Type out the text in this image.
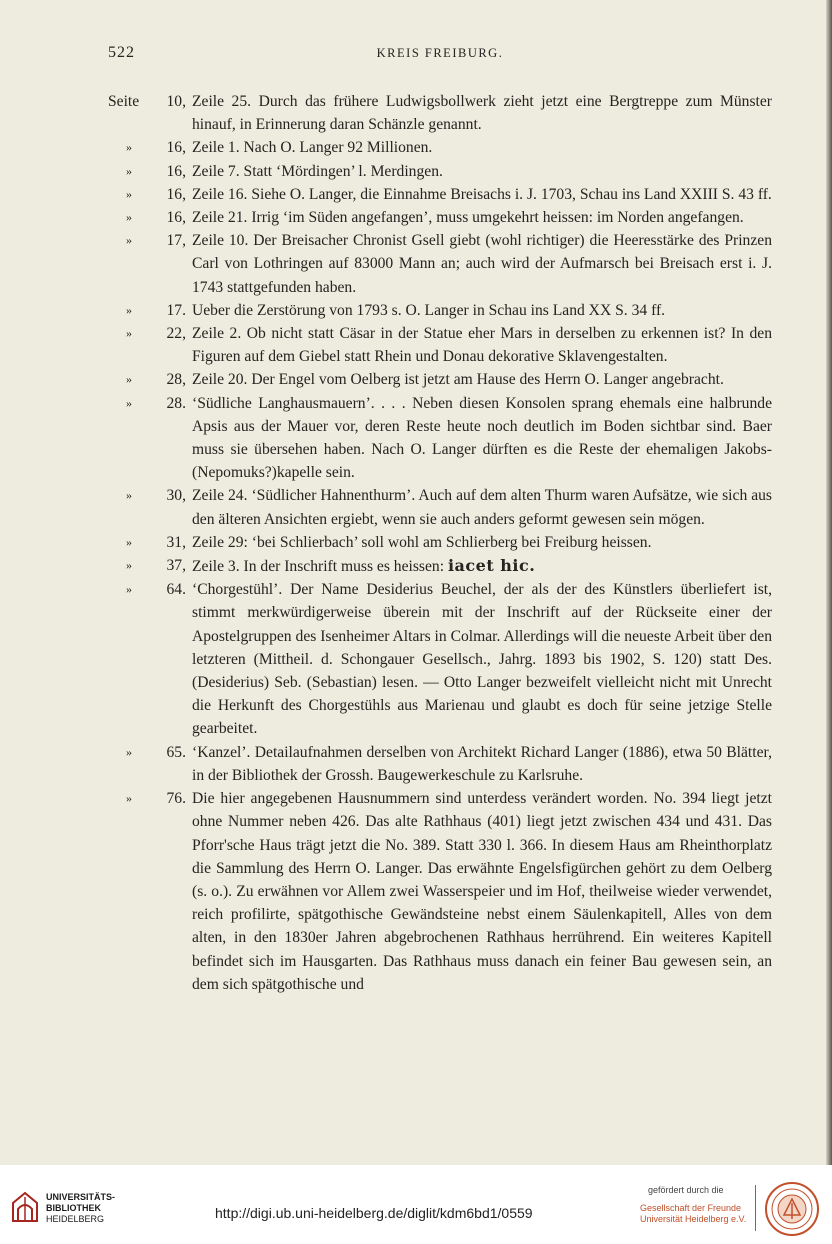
522	KREIS FREIBURG.
Seite	10, Zeile 25. Durch das frühere Ludwigsbollwerk zieht jetzt eine Bergtreppe zum Münster hinauf, in Erinnerung daran Schänzle genannt.
»	16, Zeile 1. Nach O. Langer 92 Millionen.
»	16, Zeile 7. Statt ‘Mördingen’ l. Merdingen.
»	16, Zeile 16. Siehe O. Langer, die Einnahme Breisachs i. J. 1703, Schau ins Land XXIII S. 43 ff.
»	16, Zeile 21. Irrig ‘im Süden angefangen’, muss umgekehrt heissen: im Norden angefangen.
»	17, Zeile 10. Der Breisacher Chronist Gsell giebt (wohl richtiger) die Heeresstärke des Prinzen Carl von Lothringen auf 83000 Mann an; auch wird der Aufmarsch bei Breisach erst i. J. 1743 stattgefunden haben.
»	17. Ueber die Zerstörung von 1793 s. O. Langer in Schau ins Land XX S. 34 ff.
»	22, Zeile 2. Ob nicht statt Cäsar in der Statue eher Mars in derselben zu erkennen ist? In den Figuren auf dem Giebel statt Rhein und Donau dekorative Sklavengestalten.
»	28, Zeile 20. Der Engel vom Oelberg ist jetzt am Hause des Herrn O. Langer angebracht.
»	28. ‘Südliche Langhausmauern’. . . . Neben diesen Konsolen sprang ehemals eine halbrunde Apsis aus der Mauer vor, deren Reste heute noch deutlich im Boden sichtbar sind. Baer muss sie übersehen haben. Nach O. Langer dürften es die Reste der ehemaligen Jakobs-(Nepomuks?)kapelle sein.
»	30, Zeile 24. ‘Südlicher Hahnenthurm’. Auch auf dem alten Thurm waren Aufsätze, wie sich aus den älteren Ansichten ergiebt, wenn sie auch anders geformt gewesen sein mögen.
»	31, Zeile 29: ‘bei Schlierbach’ soll wohl am Schlierberg bei Freiburg heissen.
»	37, Zeile 3. In der Inschrift muss es heissen: iacet hic.
»	64. ‘Chorgestühl’. Der Name Desiderius Beuchel, der als der des Künstlers überliefert ist, stimmt merkwürdigerweise überein mit der Inschrift auf der Rückseite einer der Apostelgruppen des Isenheimer Altars in Colmar. Allerdings will die neueste Arbeit über den letzteren (Mittheil. d. Schongauer Gesellsch., Jahrg. 1893 bis 1902, S. 120) statt Des. (Desiderius) Seb. (Sebastian) lesen. — Otto Langer bezweifelt vielleicht nicht mit Unrecht die Herkunft des Chorgestühls aus Marienau und glaubt es doch für seine jetzige Stelle gearbeitet.
»	65. ‘Kanzel’. Detailaufnahmen derselben von Architekt Richard Langer (1886), etwa 50 Blätter, in der Bibliothek der Grossh. Baugewerkeschule zu Karlsruhe.
»	76. Die hier angegebenen Hausnummern sind unterdess verändert worden. No. 394 liegt jetzt ohne Nummer neben 426. Das alte Rathhaus (401) liegt jetzt zwischen 434 und 431. Das Pforr'sche Haus trägt jetzt die No. 389. Statt 330 l. 366. In diesem Haus am Rheinthorplatz die Sammlung des Herrn O. Langer. Das erwähnte Engelsfigürchen gehört zu dem Oelberg (s. o.). Zu erwähnen vor Allem zwei Wasserspeier und im Hof, theilweise wieder verwendet, reich profilirte, spätgothische Gewändsteine nebst einem Säulenkapitell, Alles von dem alten, in den 1830er Jahren abgebrochenen Rathhaus herrührend. Ein weiteres Kapitell befindet sich im Hausgarten. Das Rathhaus muss danach ein feiner Bau gewesen sein, an dem sich spätgothische und
UNIVERSITÄTS-
BIBLIOTHEK
HEIDELBERG	http://digi.ub.uni-heidelberg.de/diglit/kdm6bd1/0559
gefördert durch die
Gesellschaft der Freunde
Universität Heidelberg e.V.
